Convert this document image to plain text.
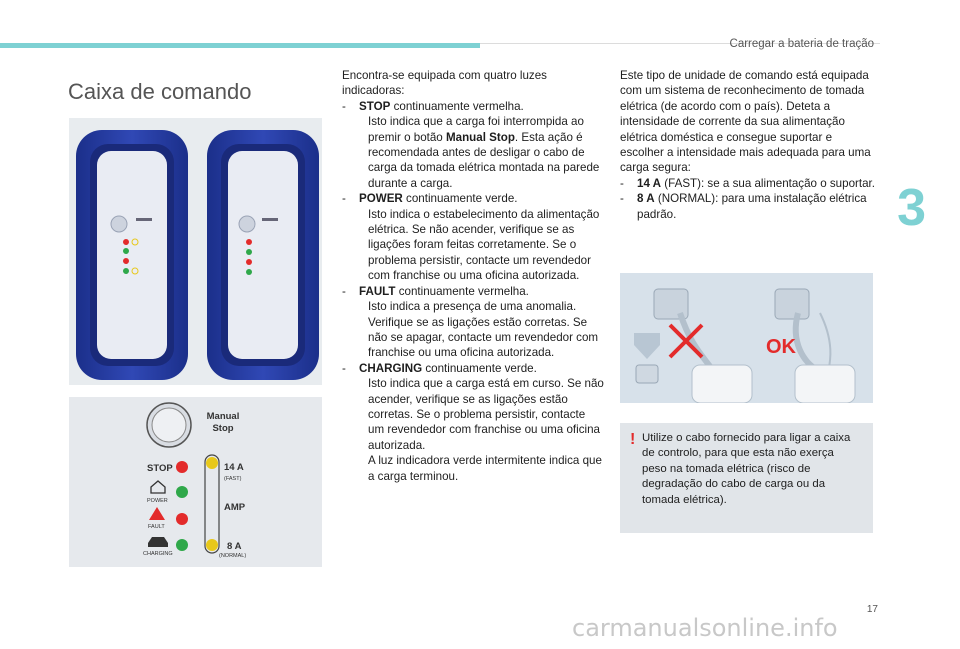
Carregar a bateria de tração
3
Caixa de comando
Manual
Stop
STOP
POWER
FAULT
CHARGING
14 A
(FAST)
AMP
8 A
(NORMAL)

Encontra-se equipada com quatro luzes indicadoras:

- STOP continuamente vermelha.
Isto indica que a carga foi interrompida ao premir o botão Manual Stop. Esta ação é recomendada antes de desligar o cabo de carga da tomada elétrica montada na parede durante a carga.
- POWER continuamente verde.
Isto indica o estabelecimento da alimentação elétrica. Se não acender, verifique se as ligações foram feitas corretamente. Se o problema persistir, contacte um revendedor com franchise ou uma oficina autorizada.
- FAULT continuamente vermelha.
Isto indica a presença de uma anomalia. Verifique se as ligações estão corretas. Se não se apagar, contacte um revendedor com franchise ou uma oficina autorizada.
- CHARGING continuamente verde.
Isto indica que a carga está em curso. Se não acender, verifique se as ligações estão corretas. Se o problema persistir, contacte um revendedor com franchise ou uma oficina autorizada.
A luz indicadora verde intermitente indica que a carga terminou.

Este tipo de unidade de comando está equipada com um sistema de reconhecimento de tomada elétrica (de acordo com o país). Deteta a intensidade de corrente da sua alimentação elétrica doméstica e consegue suportar e escolher a intensidade mais adequada para uma carga segura:

- 14 A (FAST): se a sua alimentação o suportar.
- 8 A (NORMAL): para uma instalação elétrica padrão.
OK
! Utilize o cabo fornecido para ligar a caixa de controlo, para que esta não exerça peso na tomada elétrica (risco de degradação do cabo de carga ou da tomada elétrica).
17
carmanualsonline.info
